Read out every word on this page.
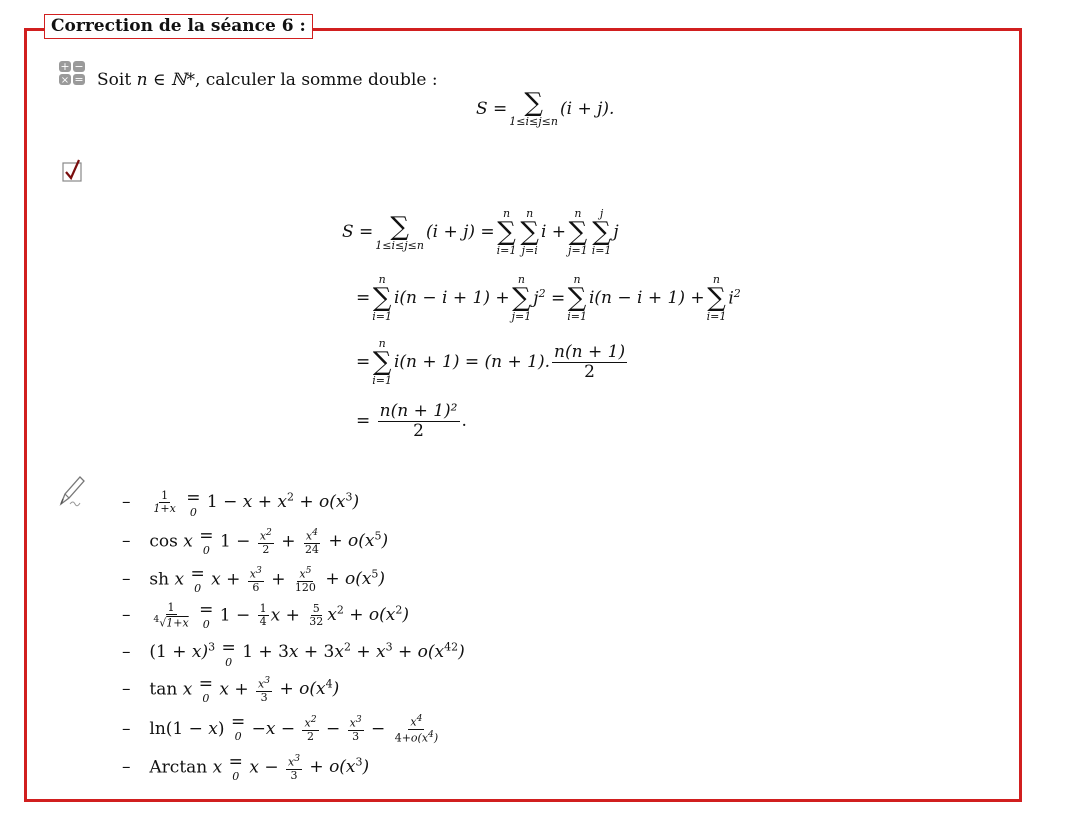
Correction de la séance 6 :
+ −
× = Soit n ∈ ℕ*, calculer la somme double :
S = ∑
1≤i≤j≤n
(i + j).
S = ∑
1≤i≤j≤n
(i + j) =
n
∑
i=1
n
∑
j=i
i +
n
∑
j=1
j
∑
i=1
j
=
n
∑
i=1
i(n − i + 1) +
n
∑
j=1
$j^2$ =
n
∑
i=1
i(n − i + 1) +
n
∑
i=1
$i^2$
=
n
∑
i=1
i(n + 1) = (n + 1). $\frac{n(n + 1)}{2}$
=
$\frac{\text{n(n + 1)²}}{2}$ .
– $\frac{1}{1+x}$
=
0
$1 - x + x^2 + o(x^3)$
– cos x =
0 $1 - \frac{x^2}{2} + \frac{x^4}{24} + o(x^5)$
– sh x =
0 $x + \frac{x^3}{6} + \frac{x^5}{120} + o(x^5)$
– $\frac{1}{^4√1+x}$
=
0 $1 - \frac{1}{4}$ $x + \frac{5}{32} x^2 + o(x^2)$
– $(1 + x)^3$ =
0
$1 + 3x + 3x^2 + x^3 + o(x^{42})$
– tan x =
0 $x + \frac{x^3}{3} + o(x^4)$
– ln(1 − x) =
$0 -x - \frac{x^2}{2} - \frac{x^3}{3} - \frac{x^4}{4+o(x^4)}$
– Arctan x =
0 $x - \frac{x^3}{3} + o(x^3)$
